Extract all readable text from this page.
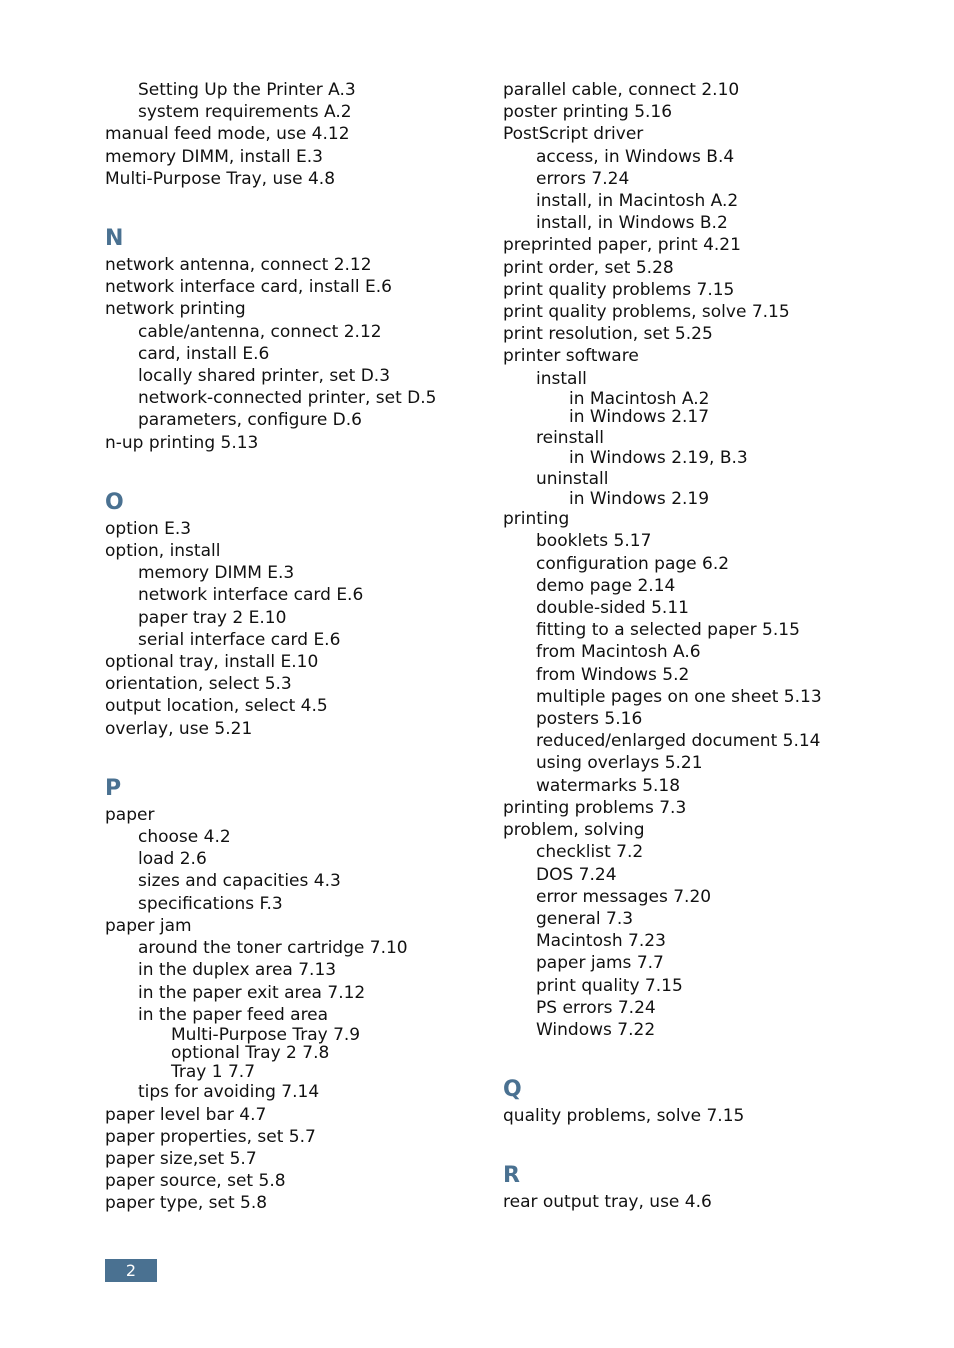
Setting Up the Printer A.3
system requirements A.2
manual feed mode, use 4.12
memory DIMM, install E.3
Multi-Purpose Tray, use 4.8
N
network antenna, connect 2.12
network interface card, install E.6
network printing
cable/antenna, connect 2.12
card, install E.6
locally shared printer, set D.3
network-connected printer, set D.5
parameters, configure D.6
n-up printing 5.13
O
option E.3
option, install
memory DIMM E.3
network interface card E.6
paper tray 2 E.10
serial interface card E.6
optional tray, install E.10
orientation, select 5.3
output location, select 4.5
overlay, use 5.21
P
paper
choose 4.2
load 2.6
sizes and capacities 4.3
specifications F.3
paper jam
around the toner cartridge 7.10
in the duplex area 7.13
in the paper exit area 7.12
in the paper feed area
Multi-Purpose Tray 7.9
optional Tray 2 7.8
Tray 1 7.7
tips for avoiding 7.14
paper level bar 4.7
paper properties, set 5.7
paper size,set 5.7
paper source, set 5.8
paper type, set 5.8
parallel cable, connect 2.10
poster printing 5.16
PostScript driver
access, in Windows B.4
errors 7.24
install, in Macintosh A.2
install, in Windows B.2
preprinted paper, print 4.21
print order, set 5.28
print quality problems 7.15
print quality problems, solve 7.15
print resolution, set 5.25
printer software
install
in Macintosh A.2
in Windows 2.17
reinstall
in Windows 2.19, B.3
uninstall
in Windows 2.19
printing
booklets 5.17
configuration page 6.2
demo page 2.14
double-sided 5.11
fitting to a selected paper 5.15
from Macintosh A.6
from Windows 5.2
multiple pages on one sheet 5.13
posters 5.16
reduced/enlarged document 5.14
using overlays 5.21
watermarks 5.18
printing problems 7.3
problem, solving
checklist 7.2
DOS 7.24
error messages 7.20
general 7.3
Macintosh 7.23
paper jams 7.7
print quality 7.15
PS errors 7.24
Windows 7.22
Q
quality problems, solve 7.15
R
rear output tray, use 4.6
2
